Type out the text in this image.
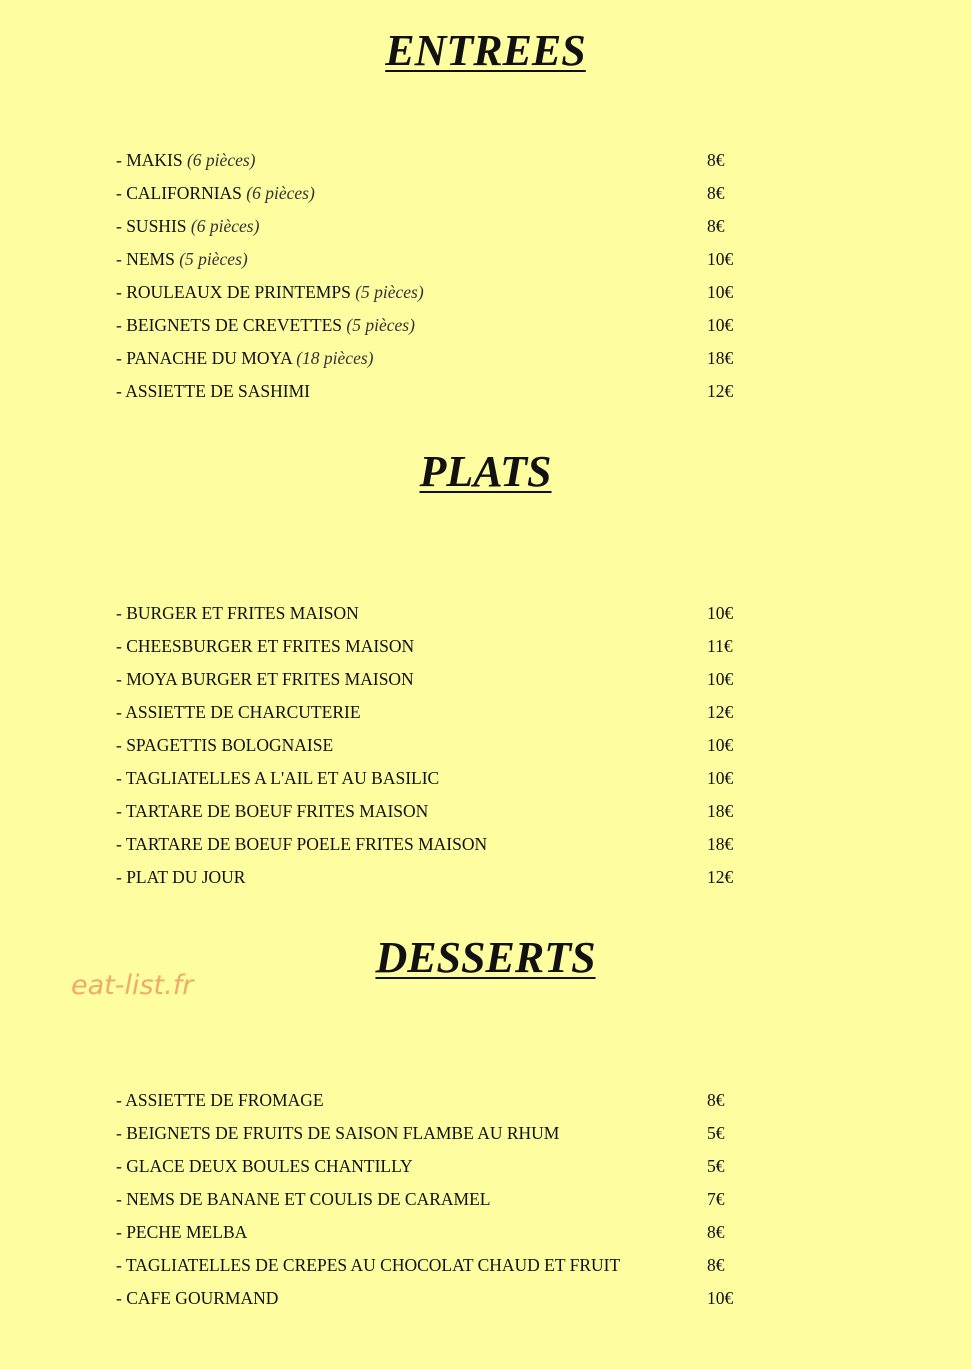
ENTREES
- MAKIS (6 pièces)	8€
- CALIFORNIAS (6 pièces)	8€
- SUSHIS (6 pièces)	8€
- NEMS (5 pièces)	10€
- ROULEAUX DE PRINTEMPS (5 pièces)	10€
- BEIGNETS DE CREVETTES (5 pièces)	10€
- PANACHE DU MOYA (18 pièces)	18€
- ASSIETTE DE SASHIMI	12€
PLATS
- BURGER ET FRITES MAISON	10€
- CHEESBURGER ET FRITES MAISON	11€
- MOYA BURGER ET FRITES MAISON	10€
- ASSIETTE DE CHARCUTERIE	12€
- SPAGETTIS BOLOGNAISE	10€
- TAGLIATELLES A L'AIL ET AU BASILIC	10€
- TARTARE DE BOEUF FRITES MAISON	18€
- TARTARE DE BOEUF POELE FRITES MAISON	18€
- PLAT DU JOUR	12€
DESSERTS
- ASSIETTE DE FROMAGE	8€
- BEIGNETS DE FRUITS DE SAISON FLAMBE AU RHUM	5€
- GLACE DEUX BOULES CHANTILLY	5€
- NEMS DE BANANE ET COULIS DE CARAMEL	7€
- PECHE MELBA	8€
- TAGLIATELLES DE CREPES AU CHOCOLAT CHAUD ET FRUIT	8€
- CAFE GOURMAND	10€
eat-list.fr
